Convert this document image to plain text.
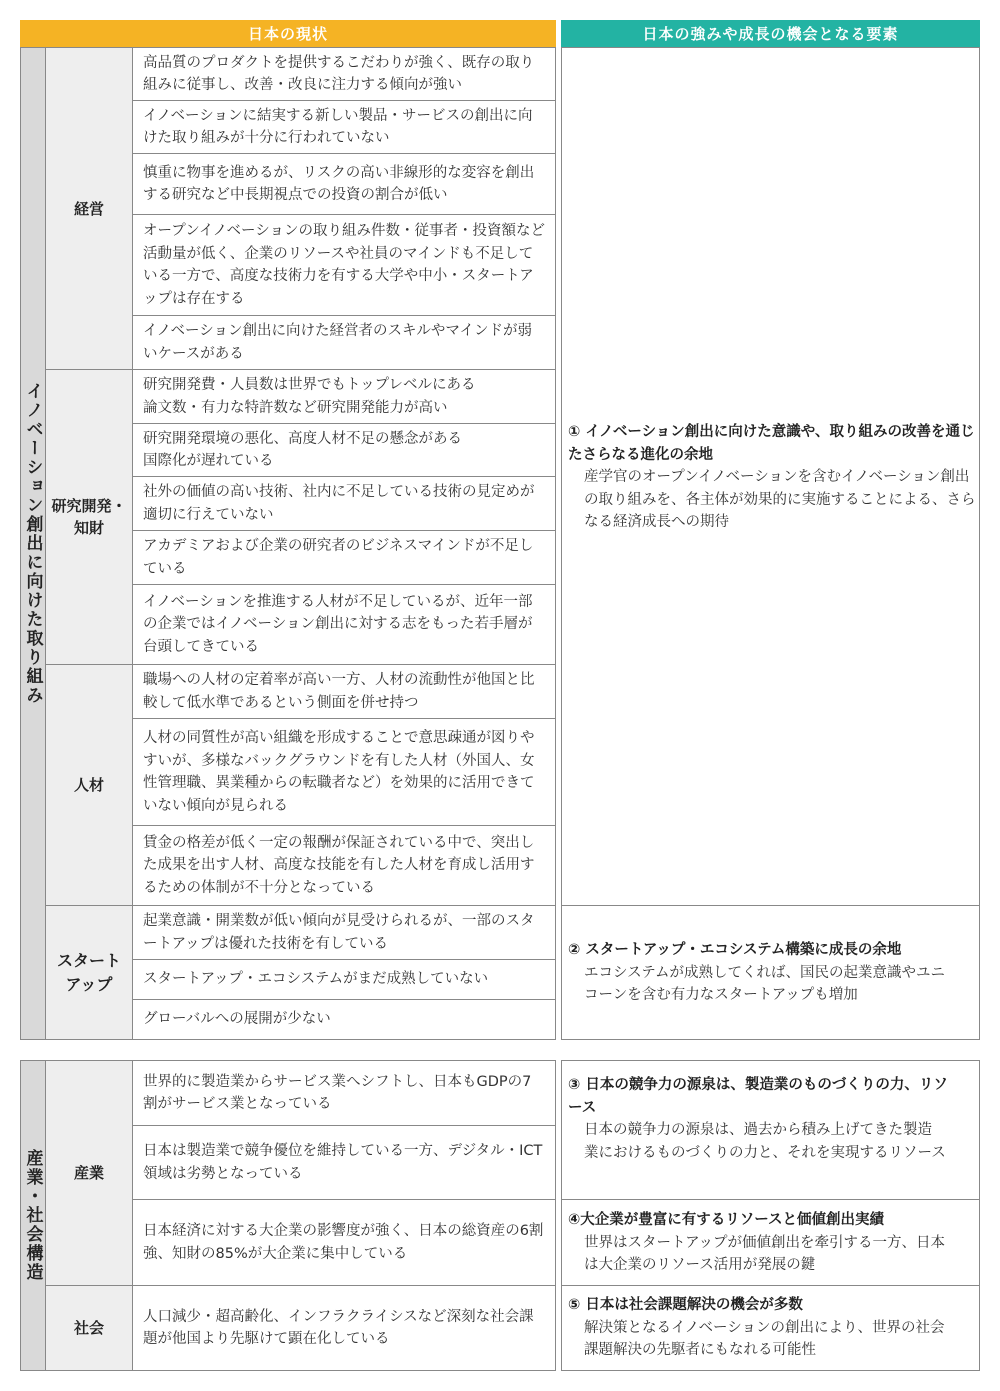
日本の現状	日本の強みや成長の機会となる要素
イノベーション創出に向けた取り組み
経営
研究開発・知財
人材
スタートアップ
高品質のプロダクトを提供するこだわりが強く、既存の取り組みに従事し、改善・改良に注力する傾向が強い
イノベーションに結実する新しい製品・サービスの創出に向けた取り組みが十分に行われていない
慎重に物事を進めるが、リスクの高い非線形的な変容を創出する研究など中長期視点での投資の割合が低い
オープンイノベーションの取り組み件数・従事者・投資額など活動量が低く、企業のリソースや社員のマインドも不足している一方で、高度な技術力を有する大学や中小・スタートアップは存在する
イノベーション創出に向けた経営者のスキルやマインドが弱いケースがある
研究開発費・人員数は世界でもトップレベルにある
論文数・有力な特許数など研究開発能力が高い
研究開発環境の悪化、高度人材不足の懸念がある
国際化が遅れている
社外の価値の高い技術、社内に不足している技術の見定めが適切に行えていない
アカデミアおよび企業の研究者のビジネスマインドが不足している
イノベーションを推進する人材が不足しているが、近年一部の企業ではイノベーション創出に対する志をもった若手層が台頭してきている
職場への人材の定着率が高い一方、人材の流動性が他国と比較して低水準であるという側面を併せ持つ
人材の同質性が高い組織を形成することで意思疎通が図りやすいが、多様なバックグラウンドを有した人材（外国人、女性管理職、異業種からの転職者など）を効果的に活用できていない傾向が見られる
賃金の格差が低く一定の報酬が保証されている中で、突出した成果を出す人材、高度な技能を有した人材を育成し活用するための体制が不十分となっている
起業意識・開業数が低い傾向が見受けられるが、一部のスタートアップは優れた技術を有している
スタートアップ・エコシステムがまだ成熟していない
グローバルへの展開が少ない
① イノベーション創出に向けた意識や、取り組みの改善を通じたさらなる進化の余地
産学官のオープンイノベーションを含むイノベーション創出の取り組みを、各主体が効果的に実施することによる、さらなる経済成長への期待
② スタートアップ・エコシステム構築に成長の余地
エコシステムが成熟してくれば、国民の起業意識やユニコーンを含む有力なスタートアップも増加
産業・社会構造	産業
社会
世界的に製造業からサービス業へシフトし、日本もGDPの7割がサービス業となっている
日本は製造業で競争優位を維持している一方、デジタル・ICT領域は劣勢となっている
日本経済に対する大企業の影響度が強く、日本の総資産の6割強、知財の85%が大企業に集中している
人口減少・超高齢化、インフラクライシスなど深刻な社会課題が他国より先駆けて顕在化している
③ 日本の競争力の源泉は、製造業のものづくりの力、リソース
日本の競争力の源泉は、過去から積み上げてきた製造業におけるものづくりの力と、それを実現するリソース
④大企業が豊富に有するリソースと価値創出実績
世界はスタートアップが価値創出を牽引する一方、日本は大企業のリソース活用が発展の鍵
⑤ 日本は社会課題解決の機会が多数
解決策となるイノベーションの創出により、世界の社会課題解決の先駆者にもなれる可能性
